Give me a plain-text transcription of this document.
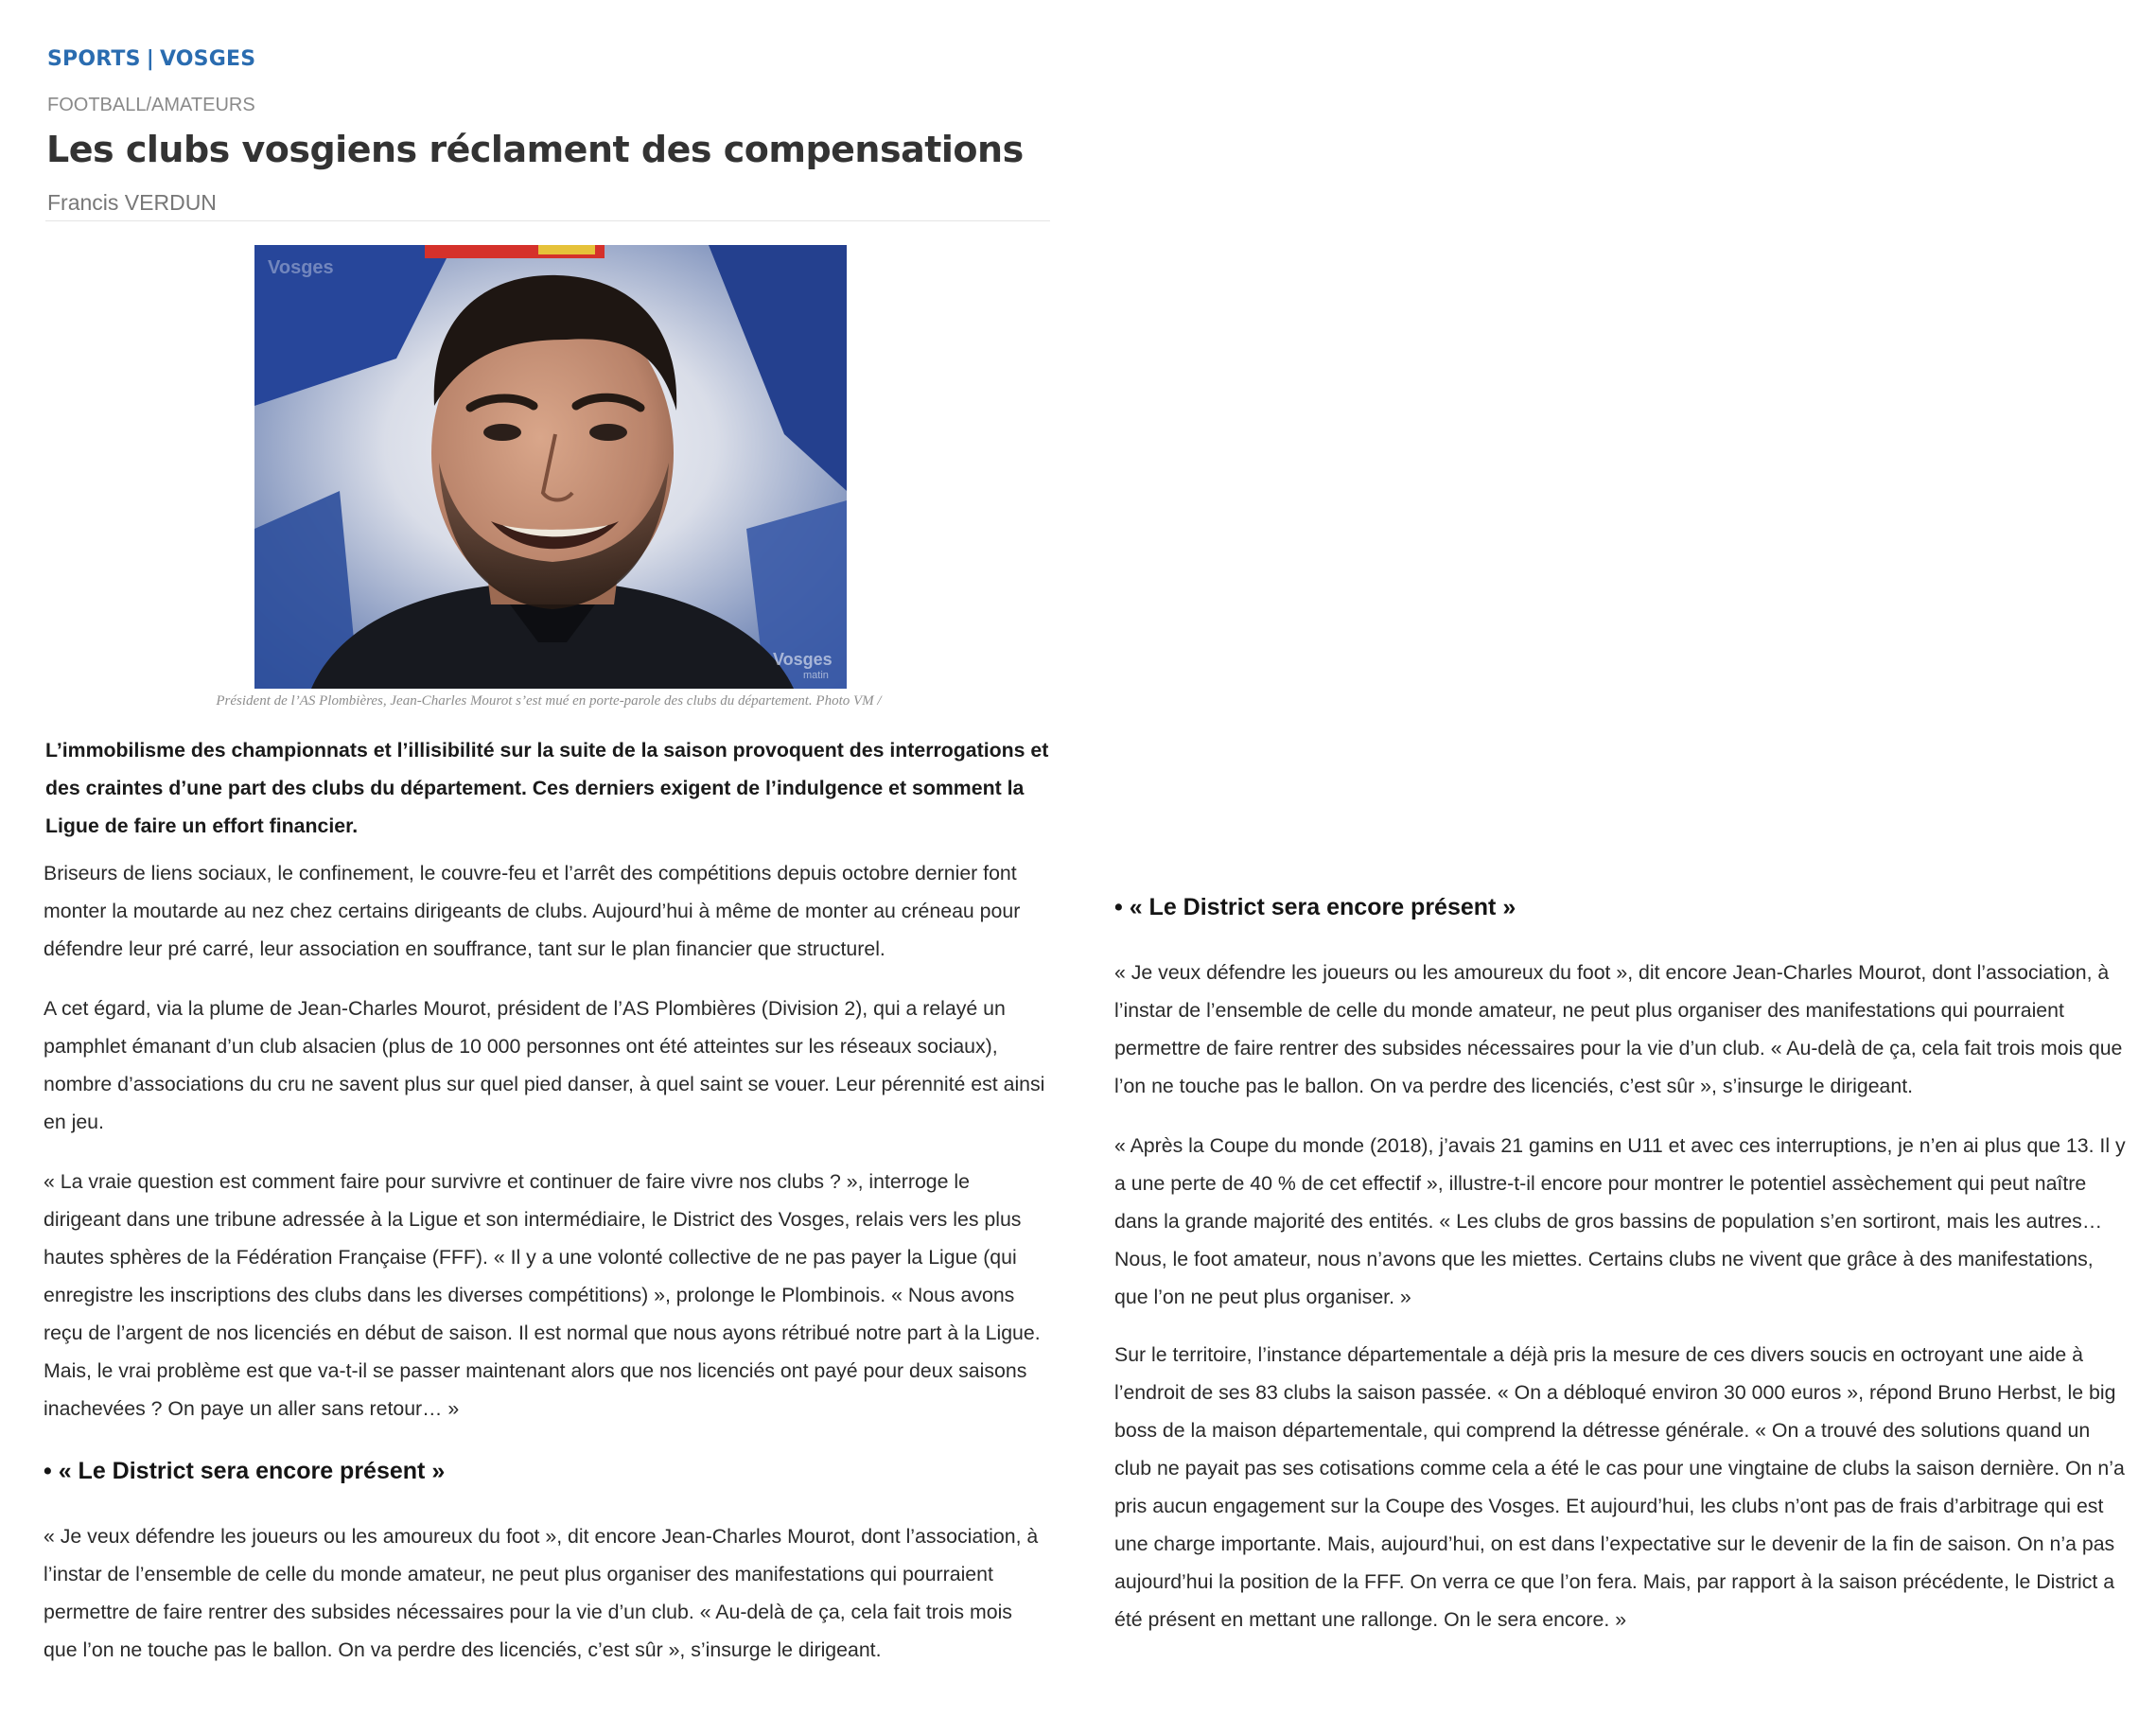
SPORTS | VOSGES
FOOTBALL/AMATEURS
Les clubs vosgiens réclament des compensations
Francis VERDUN
Vosges
Vosges
matin
Président de l’AS Plombières, Jean-Charles Mourot s’est mué en porte-parole des clubs du département. Photo VM /

L’immobilisme des championnats et l’illisibilité sur la suite de la saison provoquent des interrogations et des craintes d’une part des clubs du département. Ces derniers exigent de l’indulgence et somment la Ligue de faire un effort financier.

Briseurs de liens sociaux, le confinement, le couvre-feu et l’arrêt des compétitions depuis octobre dernier font monter la moutarde au nez chez certains dirigeants de clubs. Aujourd’hui à même de monter au créneau pour défendre leur pré carré, leur association en souffrance, tant sur le plan financier que structurel.

A cet égard, via la plume de Jean-Charles Mourot, président de l’AS Plombières (Division 2), qui a relayé un pamphlet émanant d’un club alsacien (plus de 10 000 personnes ont été atteintes sur les réseaux sociaux), nombre d’associations du cru ne savent plus sur quel pied danser, à quel saint se vouer. Leur pérennité est ainsi en jeu.

« La vraie question est comment faire pour survivre et continuer de faire vivre nos clubs ? », interroge le dirigeant dans une tribune adressée à la Ligue et son intermédiaire, le District des Vosges, relais vers les plus hautes sphères de la Fédération Française (FFF). « Il y a une volonté collective de ne pas payer la Ligue (qui enregistre les inscriptions des clubs dans les diverses compétitions) », prolonge le Plombinois. « Nous avons reçu de l’argent de nos licenciés en début de saison. Il est normal que nous ayons rétribué notre part à la Ligue. Mais, le vrai problème est que va-t-il se passer maintenant alors que nos licenciés ont payé pour deux saisons inachevées ? On paye un aller sans retour… »

• « Le District sera encore présent »

« Je veux défendre les joueurs ou les amoureux du foot », dit encore Jean-Charles Mourot, dont l’association, à l’instar de l’ensemble de celle du monde amateur, ne peut plus organiser des manifestations qui pourraient permettre de faire rentrer des subsides nécessaires pour la vie d’un club. « Au-delà de ça, cela fait trois mois que l’on ne touche pas le ballon. On va perdre des licenciés, c’est sûr », s’insurge le dirigeant.

• « Le District sera encore présent »

« Je veux défendre les joueurs ou les amoureux du foot », dit encore Jean-Charles Mourot, dont l’association, à l’instar de l’ensemble de celle du monde amateur, ne peut plus organiser des manifestations qui pourraient permettre de faire rentrer des subsides nécessaires pour la vie d’un club. « Au-delà de ça, cela fait trois mois que l’on ne touche pas le ballon. On va perdre des licenciés, c’est sûr », s’insurge le dirigeant.

« Après la Coupe du monde (2018), j’avais 21 gamins en U11 et avec ces interruptions, je n’en ai plus que 13. Il y a une perte de 40 % de cet effectif », illustre-t-il encore pour montrer le potentiel assèchement qui peut naître dans la grande majorité des entités. « Les clubs de gros bassins de population s’en sortiront, mais les autres… Nous, le foot amateur, nous n’avons que les miettes. Certains clubs ne vivent que grâce à des manifestations, que l’on ne peut plus organiser. »

Sur le territoire, l’instance départementale a déjà pris la mesure de ces divers soucis en octroyant une aide à l’endroit de ses 83 clubs la saison passée. « On a débloqué environ 30 000 euros », répond Bruno Herbst, le big boss de la maison départementale, qui comprend la détresse générale. « On a trouvé des solutions quand un club ne payait pas ses cotisations comme cela a été le cas pour une vingtaine de clubs la saison dernière. On n’a pris aucun engagement sur la Coupe des Vosges. Et aujourd’hui, les clubs n’ont pas de frais d’arbitrage qui est une charge importante. Mais, aujourd’hui, on est dans l’expectative sur le devenir de la fin de saison. On n’a pas aujourd’hui la position de la FFF. On verra ce que l’on fera. Mais, par rapport à la saison précédente, le District a été présent en mettant une rallonge. On le sera encore. »
